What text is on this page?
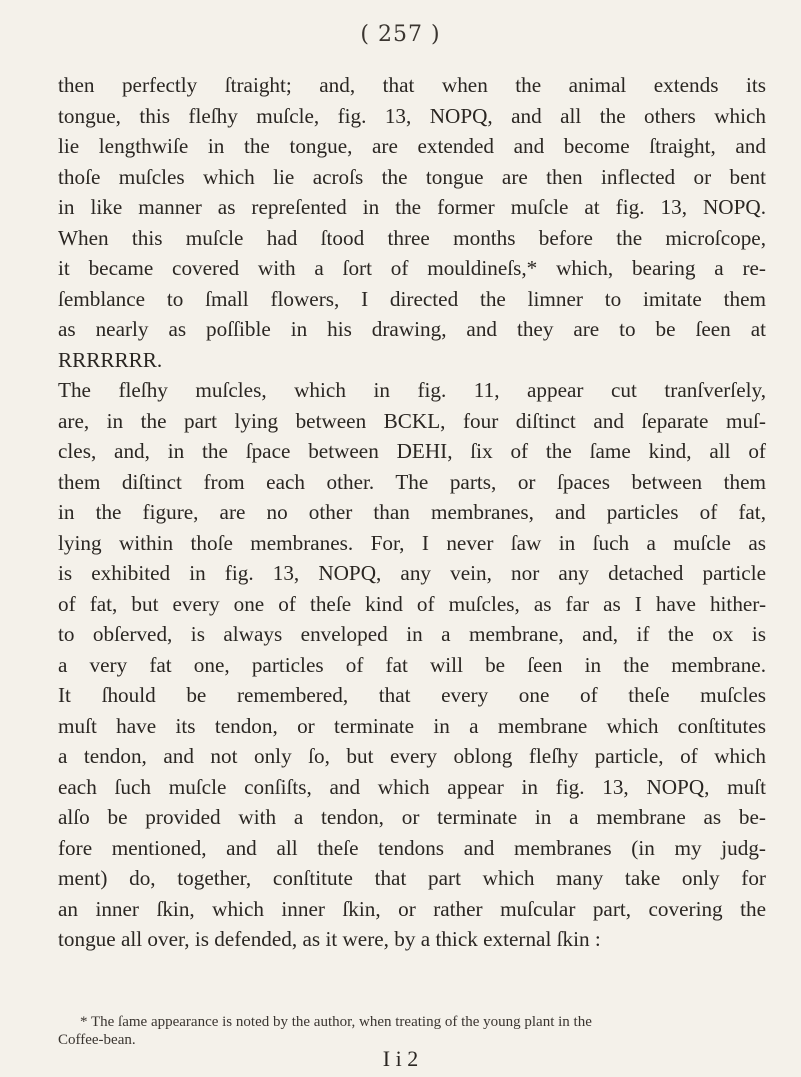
( 257 )
then perfectly ſtraight; and, that when the animal extends its
tongue, this fleſhy muſcle, fig. 13, NOPQ, and all the others which
lie lengthwiſe in the tongue, are extended and become ſtraight, and
thoſe muſcles which lie acroſs the tongue are then inflected or bent
in like manner as repreſented in the former muſcle at fig. 13, NOPQ.
When this muſcle had ſtood three months before the microſcope,
it became covered with a ſort of mouldineſs,* which, bearing a re-
ſemblance to ſmall flowers, I directed the limner to imitate them
as nearly as poſſible in his drawing, and they are to be ſeen at
RRRRRRR.
The fleſhy muſcles, which in fig. 11, appear cut tranſverſely,
are, in the part lying between BCKL, four diſtinct and ſeparate muſ-
cles, and, in the ſpace between DEHI, ſix of the ſame kind, all of
them diſtinct from each other. The parts, or ſpaces between them
in the figure, are no other than membranes, and particles of fat,
lying within thoſe membranes. For, I never ſaw in ſuch a muſcle as
is exhibited in fig. 13, NOPQ, any vein, nor any detached particle
of fat, but every one of theſe kind of muſcles, as far as I have hither-
to obſerved, is always enveloped in a membrane, and, if the ox is
a very fat one, particles of fat will be ſeen in the membrane.
It ſhould be remembered, that every one of theſe muſcles
muſt have its tendon, or terminate in a membrane which conſtitutes
a tendon, and not only ſo, but every oblong fleſhy particle, of which
each ſuch muſcle conſiſts, and which appear in fig. 13, NOPQ, muſt
alſo be provided with a tendon, or terminate in a membrane as be-
fore mentioned, and all theſe tendons and membranes (in my judg-
ment) do, together, conſtitute that part which many take only for
an inner ſkin, which inner ſkin, or rather muſcular part, covering the
tongue all over, is defended, as it were, by a thick external ſkin :
* The ſame appearance is noted by the author, when treating of the young plant in the
Coffee-bean.
I i 2
